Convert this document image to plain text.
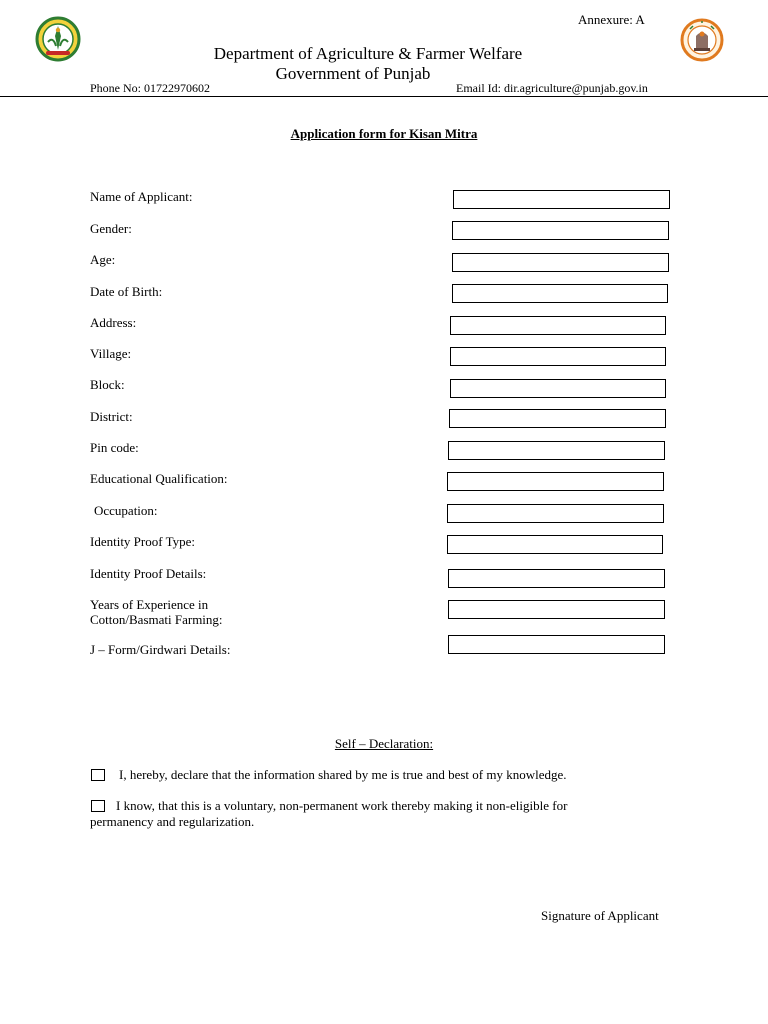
Annexure: A
Department of Agriculture & Farmer Welfare
Government of Punjab
Phone No: 01722970602	Email Id: dir.agriculture@punjab.gov.in
Application form for Kisan Mitra
Name of Applicant:
Gender:
Age:
Date of Birth:
Address:
Village:
Block:
District:
Pin code:
Educational Qualification:
Occupation:
Identity Proof Type:
Identity Proof Details:
Years of Experience in
Cotton/Basmati Farming:
J – Form/Girdwari Details:
Self – Declaration:
I, hereby, declare that the information shared by me is true and best of my knowledge.
I know, that this is a voluntary, non-permanent work thereby making it non-eligible for
permanency and regularization.
Signature of Applicant
